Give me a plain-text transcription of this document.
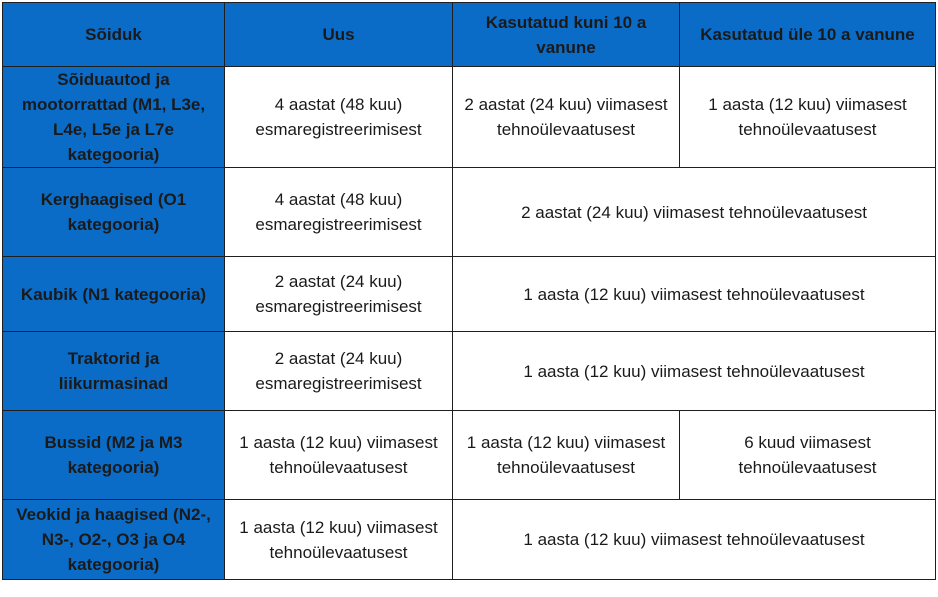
Sõiduk	Uus	Kasutatud kuni 10 a vanune	Kasutatud üle 10 a vanune
Sõiduautod ja mootorrattad (M1, L3e, L4e, L5e ja L7e kategooria)	4 aastat (48 kuu) esmaregistreerimisest	2 aastat (24 kuu) viimasest tehnoülevaatusest	1 aasta (12 kuu) viimasest tehnoülevaatusest
Kerghaagised (O1 kategooria)	4 aastat (48 kuu) esmaregistreerimisest	2 aastat (24 kuu) viimasest tehnoülevaatusest	
Kaubik (N1 kategooria)	2 aastat (24 kuu) esmaregistreerimisest	1 aasta (12 kuu) viimasest tehnoülevaatusest	
Traktorid ja liikurmasinad	2 aastat (24 kuu) esmaregistreerimisest	1 aasta (12 kuu) viimasest tehnoülevaatusest	
Bussid (M2 ja M3 kategooria)	1 aasta (12 kuu) viimasest tehnoülevaatusest	1 aasta (12 kuu) viimasest tehnoülevaatusest	6 kuud viimasest tehnoülevaatusest
Veokid ja haagised (N2-, N3-, O2-, O3 ja O4 kategooria)	1 aasta (12 kuu) viimasest tehnoülevaatusest	1 aasta (12 kuu) viimasest tehnoülevaatusest	
